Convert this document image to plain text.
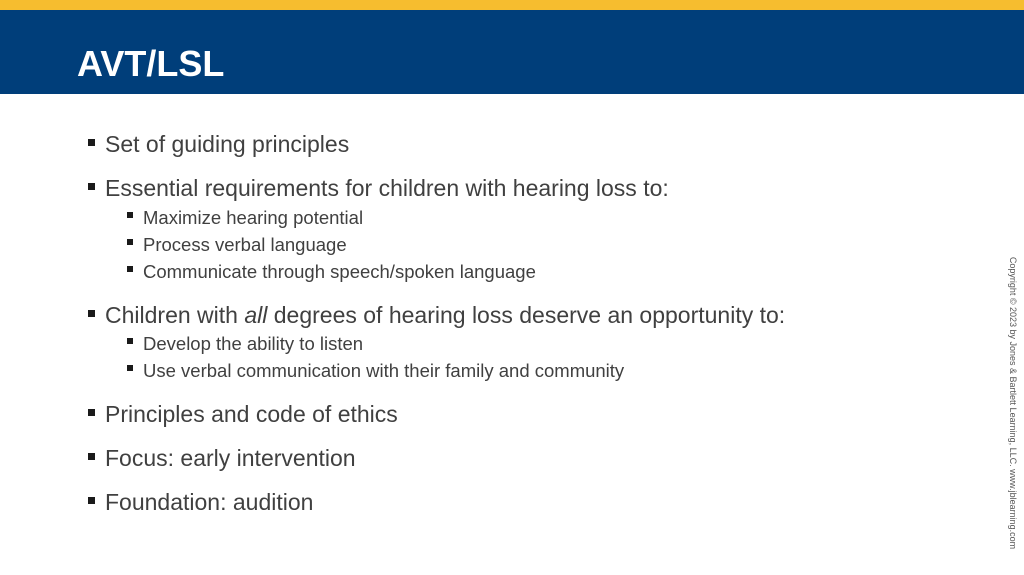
AVT/LSL

Set of guiding principles

Essential requirements for children with hearing loss to:

Maximize hearing potential

Process verbal language

Communicate through speech/spoken language

Children with all degrees of hearing loss deserve an opportunity to:

Develop the ability to listen

Use verbal communication with their family and community

Principles and code of ethics

Focus: early intervention

Foundation: audition	Copyright © 2023 by Jones & Bartlett Learning, LLC. www.jblearning.com
